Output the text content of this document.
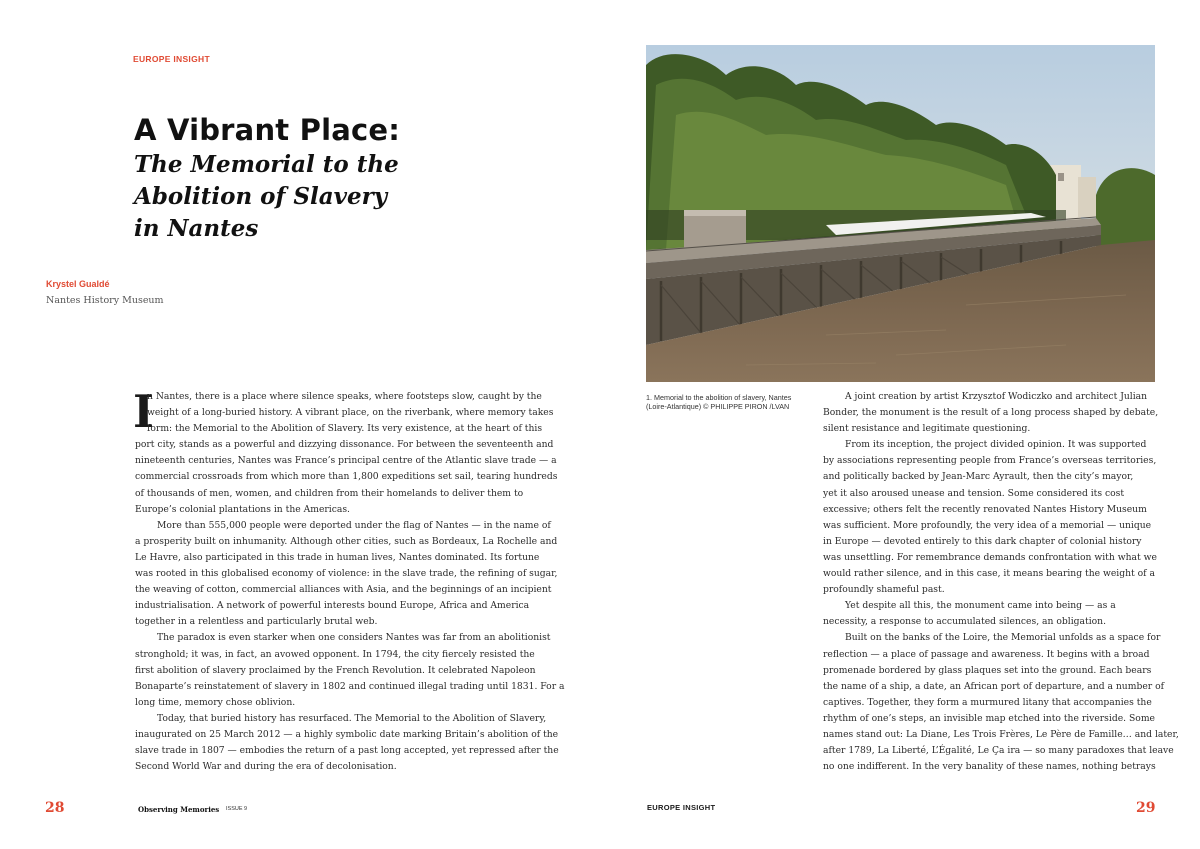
EUROPE INSIGHT
A Vibrant Place:
The Memorial to the
Abolition of Slavery
in Nantes
Krystel Gualdé
Nantes History Museum
I
n Nantes, there is a place where silence speaks, where footsteps slow, caught by the
weight of a long-buried history. A vibrant place, on the riverbank, where memory takes
form: the Memorial to the Abolition of Slavery. Its very existence, at the heart of this
port city, stands as a powerful and dizzying dissonance. For between the seventeenth and
nineteenth centuries, Nantes was France’s principal centre of the Atlantic slave trade — a
commercial crossroads from which more than 1,800 expeditions set sail, tearing hundreds
of thousands of men, women, and children from their homelands to deliver them to
Europe’s colonial plantations in the Americas.
More than 555,000 people were deported under the flag of Nantes — in the name of
a prosperity built on inhumanity. Although other cities, such as Bordeaux, La Rochelle and
Le Havre, also participated in this trade in human lives, Nantes dominated. Its fortune
was rooted in this globalised economy of violence: in the slave trade, the refining of sugar,
the weaving of cotton, commercial alliances with Asia, and the beginnings of an incipient
industrialisation. A network of powerful interests bound Europe, Africa and America
together in a relentless and particularly brutal web.
The paradox is even starker when one considers Nantes was far from an abolitionist
stronghold; it was, in fact, an avowed opponent. In 1794, the city fiercely resisted the
first abolition of slavery proclaimed by the French Revolution. It celebrated Napoleon
Bonaparte’s reinstatement of slavery in 1802 and continued illegal trading until 1831. For a
long time, memory chose oblivion.
Today, that buried history has resurfaced. The Memorial to the Abolition of Slavery,
inaugurated on 25 March 2012 — a highly symbolic date marking Britain’s abolition of the
slave trade in 1807 — embodies the return of a past long accepted, yet repressed after the
Second World War and during the era of decolonisation.
28	Observing Memories ISSUE 9
1. Memorial to the abolition of slavery, Nantes
(Loire-Atlantique) © PHILIPPE PIRON /LVAN
A joint creation by artist Krzysztof Wodiczko and architect Julian
Bonder, the monument is the result of a long process shaped by debate,
silent resistance and legitimate questioning.
From its inception, the project divided opinion. It was supported
by associations representing people from France’s overseas territories,
and politically backed by Jean-Marc Ayrault, then the city’s mayor,
yet it also aroused unease and tension. Some considered its cost
excessive; others felt the recently renovated Nantes History Museum
was sufficient. More profoundly, the very idea of a memorial — unique
in Europe — devoted entirely to this dark chapter of colonial history
was unsettling. For remembrance demands confrontation with what we
would rather silence, and in this case, it means bearing the weight of a
profoundly shameful past.
Yet despite all this, the monument came into being — as a
necessity, a response to accumulated silences, an obligation.
Built on the banks of the Loire, the Memorial unfolds as a space for
reflection — a place of passage and awareness. It begins with a broad
promenade bordered by glass plaques set into the ground. Each bears
the name of a ship, a date, an African port of departure, and a number of
captives. Together, they form a murmured litany that accompanies the
rhythm of one’s steps, an invisible map etched into the riverside. Some
names stand out: La Diane, Les Trois Frères, Le Père de Famille… and later,
after 1789, La Liberté, L’Égalité, Le Ça ira — so many paradoxes that leave
no one indifferent. In the very banality of these names, nothing betrays
EUROPE INSIGHT	29
